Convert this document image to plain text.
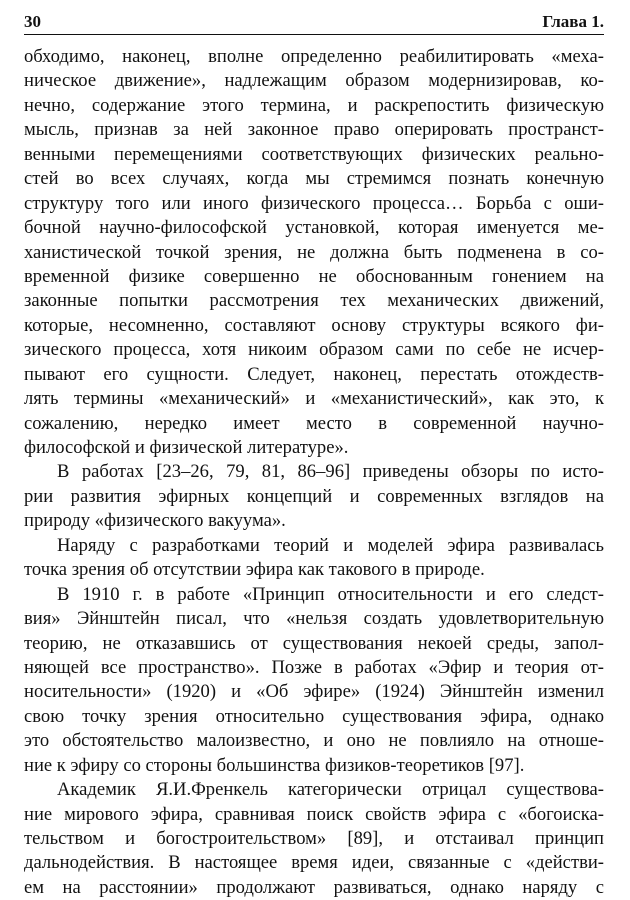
30	Глава 1.
обходимо, наконец, вполне определенно реабилитировать «меха-
ническое движение», надлежащим образом модернизировав, ко-
нечно, содержание этого термина, и раскрепостить физическую
мысль, признав за ней законное право оперировать пространст-
венными перемещениями соответствующих физических реально-
стей во всех случаях, когда мы стремимся познать конечную
структуру того или иного физического процесса… Борьба с оши-
бочной научно-философской установкой, которая именуется ме-
ханистической точкой зрения, не должна быть подменена в со-
временной физике совершенно не обоснованным гонением на
законные попытки рассмотрения тех механических движений,
которые, несомненно, составляют основу структуры всякого фи-
зического процесса, хотя никоим образом сами по себе не исчер-
пывают его сущности. Следует, наконец, перестать отождеств-
лять термины «механический» и «механистический», как это, к
сожалению, нередко имеет место в современной научно-
философской и физической литературе».
В работах [23–26, 79, 81, 86–96] приведены обзоры по исто-
рии развития эфирных концепций и современных взглядов на
природу «физического вакуума».
Наряду с разработками теорий и моделей эфира развивалась
точка зрения об отсутствии эфира как такового в природе.
В 1910 г. в работе «Принцип относительности и его следст-
вия» Эйнштейн писал, что «нельзя создать удовлетворительную
теорию, не отказавшись от существования некоей среды, запол-
няющей все пространство». Позже в работах «Эфир и теория от-
носительности» (1920) и «Об эфире» (1924) Эйнштейн изменил
свою точку зрения относительно существования эфира, однако
это обстоятельство малоизвестно, и оно не повлияло на отноше-
ние к эфиру со стороны большинства физиков-теоретиков [97].
Академик Я.И.Френкель категорически отрицал существова-
ние мирового эфира, сравнивая поиск свойств эфира с «богоиска-
тельством и богостроительством» [89], и отстаивал принцип
дальнодействия. В настоящее время идеи, связанные с «действи-
ем на расстоянии» продолжают развиваться, однако наряду с
